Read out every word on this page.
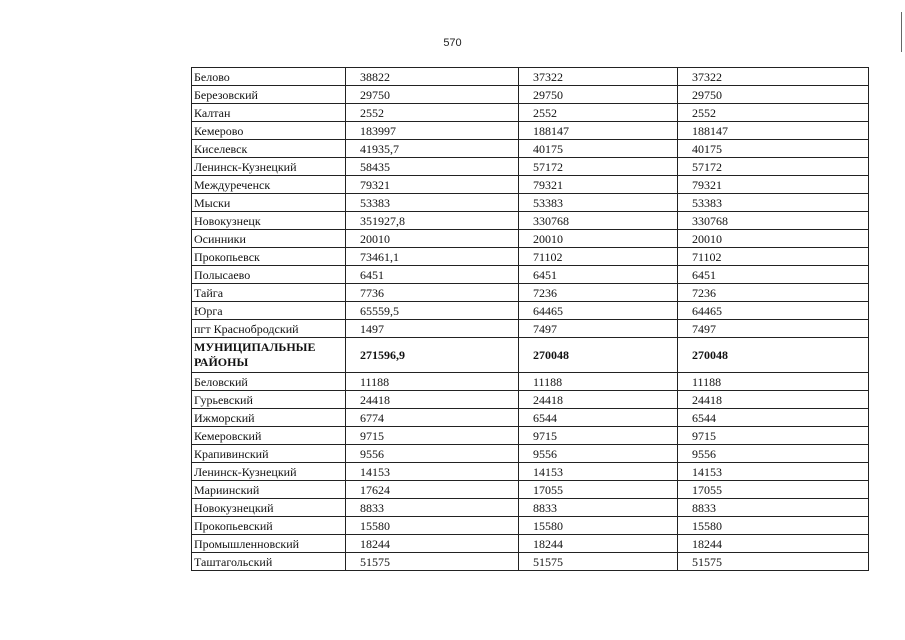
570
Белово	38822	37322	37322
Березовский	29750	29750	29750
Калтан	2552	2552	2552
Кемерово	183997	188147	188147
Киселевск	41935,7	40175	40175
Ленинск-Кузнецкий	58435	57172	57172
Междуреченск	79321	79321	79321
Мыски	53383	53383	53383
Новокузнецк	351927,8	330768	330768
Осинники	20010	20010	20010
Прокопьевск	73461,1	71102	71102
Полысаево	6451	6451	6451
Тайга	7736	7236	7236
Юрга	65559,5	64465	64465
пгт Краснобродский	1497	7497	7497
МУНИЦИПАЛЬНЫЕ РАЙОНЫ	271596,9	270048	270048
Беловский	11188	11188	11188
Гурьевский	24418	24418	24418
Ижморский	6774	6544	6544
Кемеровский	9715	9715	9715
Крапивинский	9556	9556	9556
Ленинск-Кузнецкий	14153	14153	14153
Мариинский	17624	17055	17055
Новокузнецкий	8833	8833	8833
Прокопьевский	15580	15580	15580
Промышленновский	18244	18244	18244
Таштагольский	51575	51575	51575
